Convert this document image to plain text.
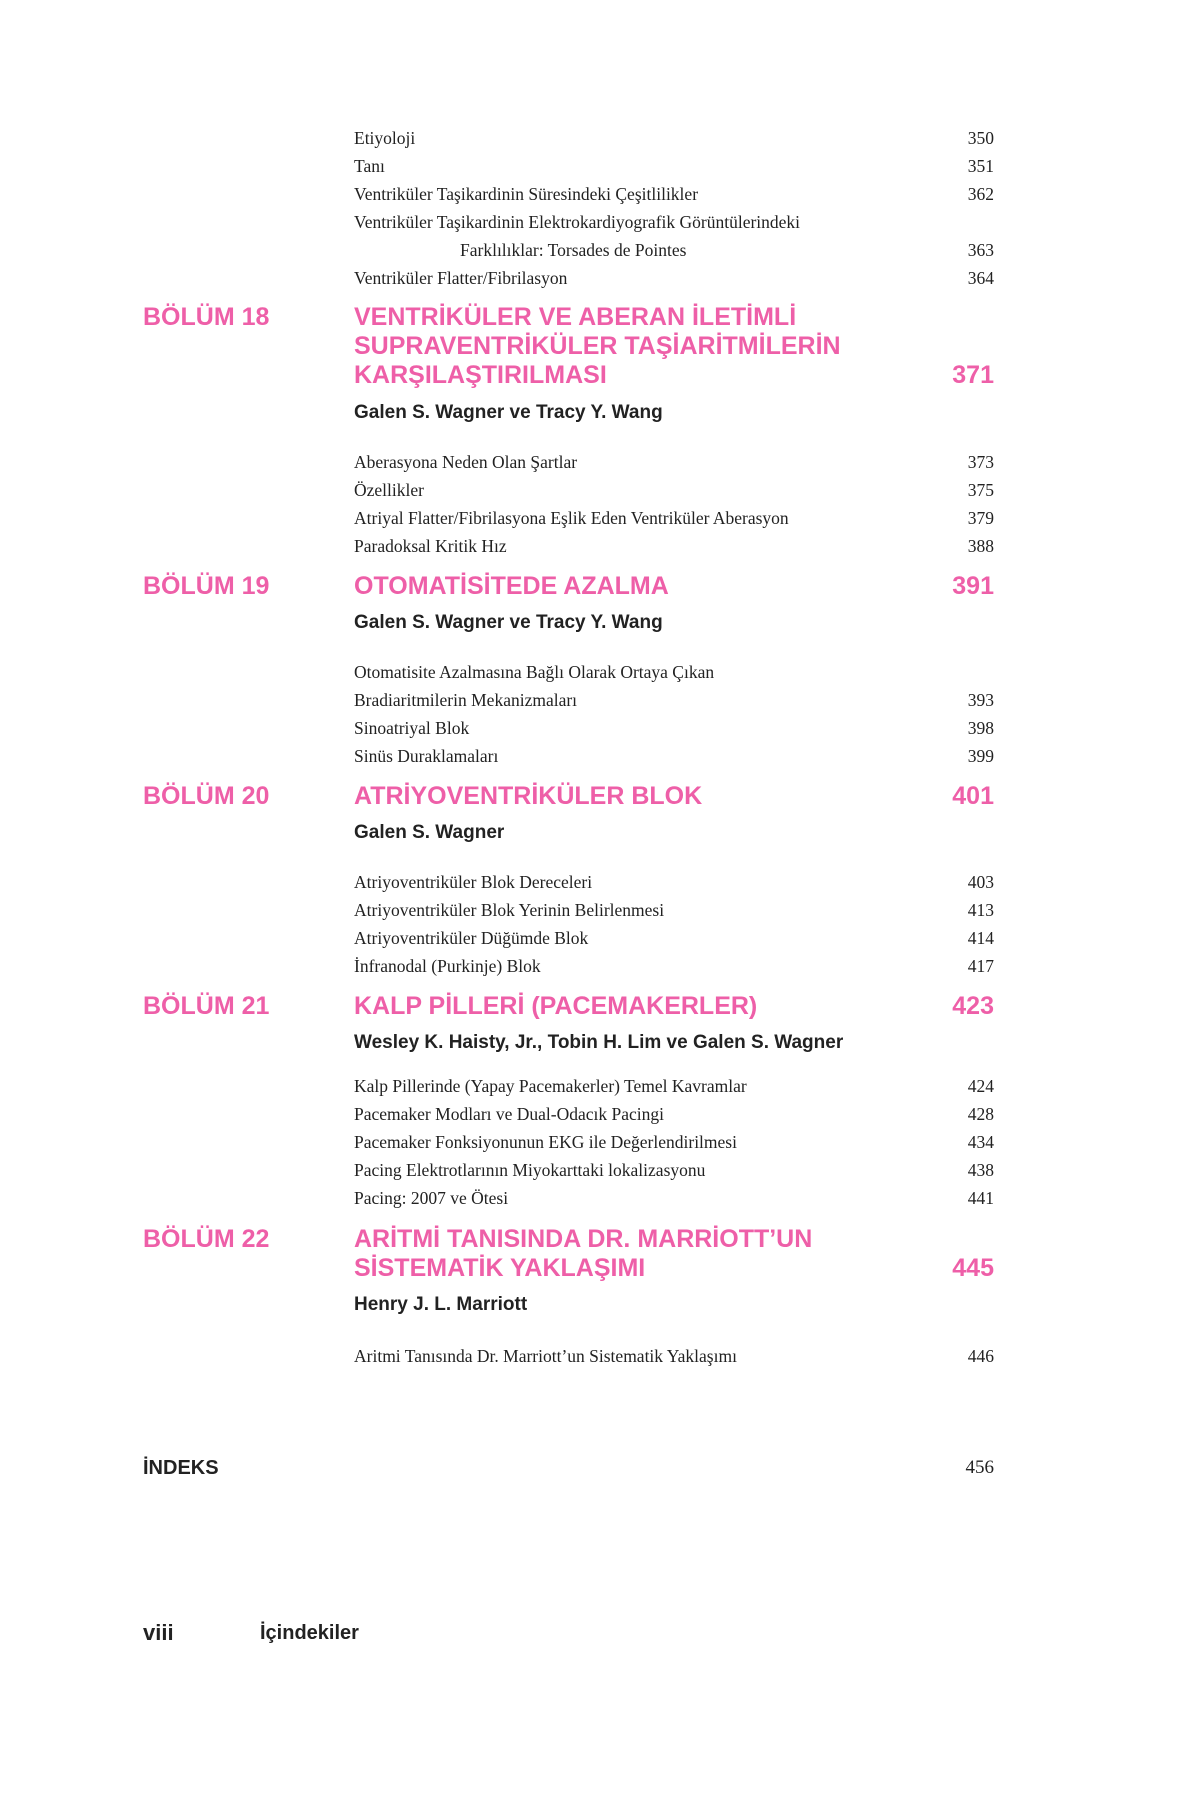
Etiyoloji	350
Tanı	351
Ventriküler Taşikardinin Süresindeki Çeşitlilikler	362
Ventriküler Taşikardinin Elektrokardiyografik Görüntülerindeki
Farklılıklar: Torsades de Pointes	363
Ventriküler Flatter/Fibrilasyon	364
BÖLÜM 18	VENTRİKÜLER VE ABERAN İLETİMLİ
SUPRAVENTRİKÜLER TAŞİARİTMİLERİN
KARŞILAŞTIRILMASI	371
Galen S. Wagner ve Tracy Y. Wang
Aberasyona Neden Olan Şartlar	373
Özellikler	375
Atriyal Flatter/Fibrilasyona Eşlik Eden Ventriküler Aberasyon	379
Paradoksal Kritik Hız	388
BÖLÜM 19	OTOMATİSİTEDE AZALMA	391
Galen S. Wagner ve Tracy Y. Wang
Otomatisite Azalmasına Bağlı Olarak Ortaya Çıkan
Bradiaritmilerin Mekanizmaları	393
Sinoatriyal Blok	398
Sinüs Duraklamaları	399
BÖLÜM 20	ATRİYOVENTRİKÜLER BLOK	401
Galen S. Wagner
Atriyoventriküler Blok Dereceleri	403
Atriyoventriküler Blok Yerinin Belirlenmesi	413
Atriyoventriküler Düğümde Blok	414
İnfranodal (Purkinje) Blok	417
BÖLÜM 21	KALP PİLLERİ (PACEMAKERLER)	423
Wesley K. Haisty, Jr., Tobin H. Lim ve Galen S. Wagner
Kalp Pillerinde (Yapay Pacemakerler) Temel Kavramlar	424
Pacemaker Modları ve Dual-Odacık Pacingi	428
Pacemaker Fonksiyonunun EKG ile Değerlendirilmesi	434
Pacing Elektrotlarının Miyokarttaki lokalizasyonu	438
Pacing: 2007 ve Ötesi	441
BÖLÜM 22	ARİTMİ TANISINDA DR. MARRİOTT’UN
SİSTEMATİK YAKLAŞIMI	445
Henry J. L. Marriott
Aritmi Tanısında Dr. Marriott’un Sistematik Yaklaşımı	446
İNDEKS	456
viii	İçindekiler
